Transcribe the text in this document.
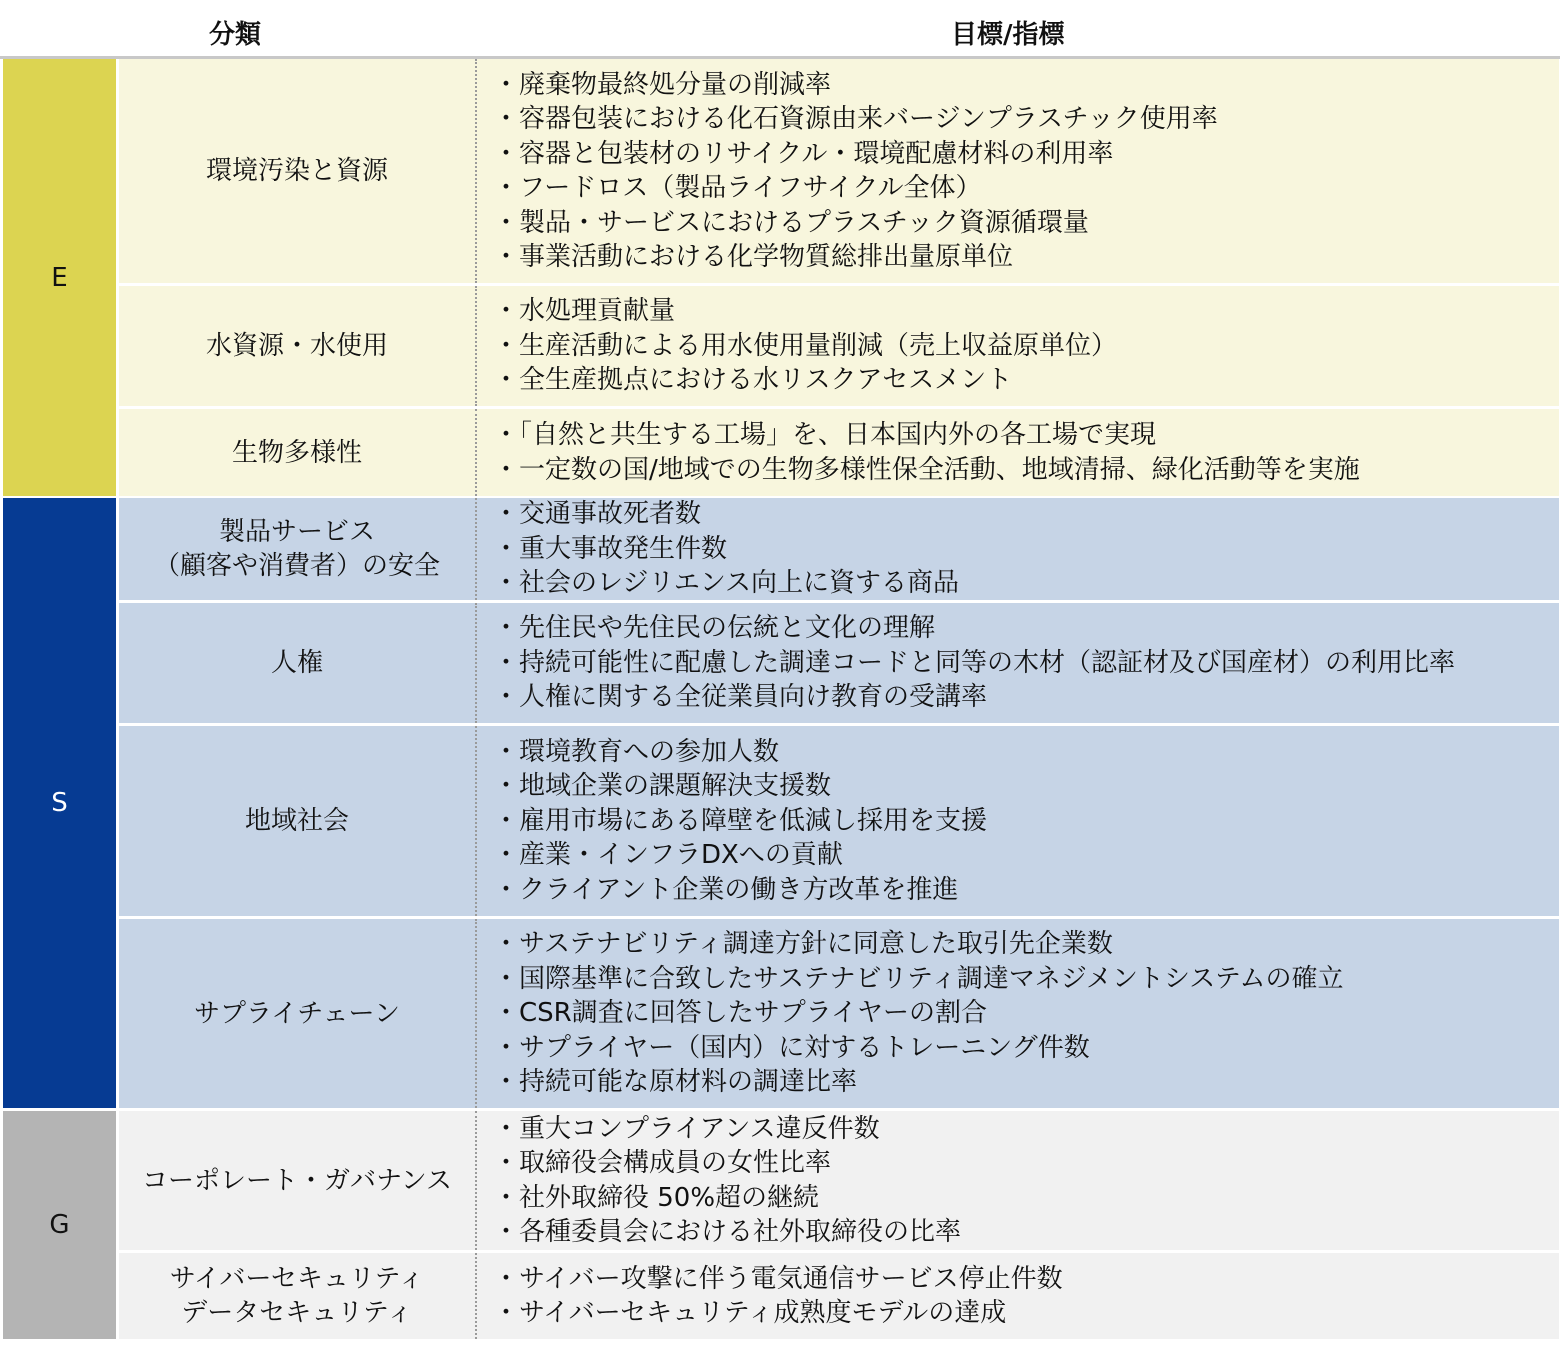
分類	目標/指標
E
環境汚染と資源
・廃棄物最終処分量の削減率
・容器包装における化石資源由来バージンプラスチック使用率
・容器と包装材のリサイクル・環境配慮材料の利用率
・フードロス（製品ライフサイクル全体）
・製品・サービスにおけるプラスチック資源循環量
・事業活動における化学物質総排出量原単位
水資源・水使用
・水処理貢献量
・生産活動による用水使用量削減（売上収益原単位）
・全生産拠点における水リスクアセスメント
生物多様性
・「自然と共生する工場」を、日本国内外の各工場で実現
・一定数の国/地域での生物多様性保全活動、地域清掃、緑化活動等を実施
S
製品サービス
（顧客や消費者）の安全
・交通事故死者数
・重大事故発生件数
・社会のレジリエンス向上に資する商品
人権
・先住民や先住民の伝統と文化の理解
・持続可能性に配慮した調達コードと同等の木材（認証材及び国産材）の利用比率
・人権に関する全従業員向け教育の受講率
地域社会
・環境教育への参加人数
・地域企業の課題解決支援数
・雇用市場にある障壁を低減し採用を支援
・産業・インフラDXへの貢献
・クライアント企業の働き方改革を推進
サプライチェーン
・サステナビリティ調達方針に同意した取引先企業数
・国際基準に合致したサステナビリティ調達マネジメントシステムの確立
・CSR調査に回答したサプライヤーの割合
・サプライヤー（国内）に対するトレーニング件数
・持続可能な原材料の調達比率
G
コーポレート・ガバナンス
・重大コンプライアンス違反件数
・取締役会構成員の女性比率
・社外取締役 50%超の継続
・各種委員会における社外取締役の比率
サイバーセキュリティ
データセキュリティ
・サイバー攻撃に伴う電気通信サービス停止件数
・サイバーセキュリティ成熟度モデルの達成
